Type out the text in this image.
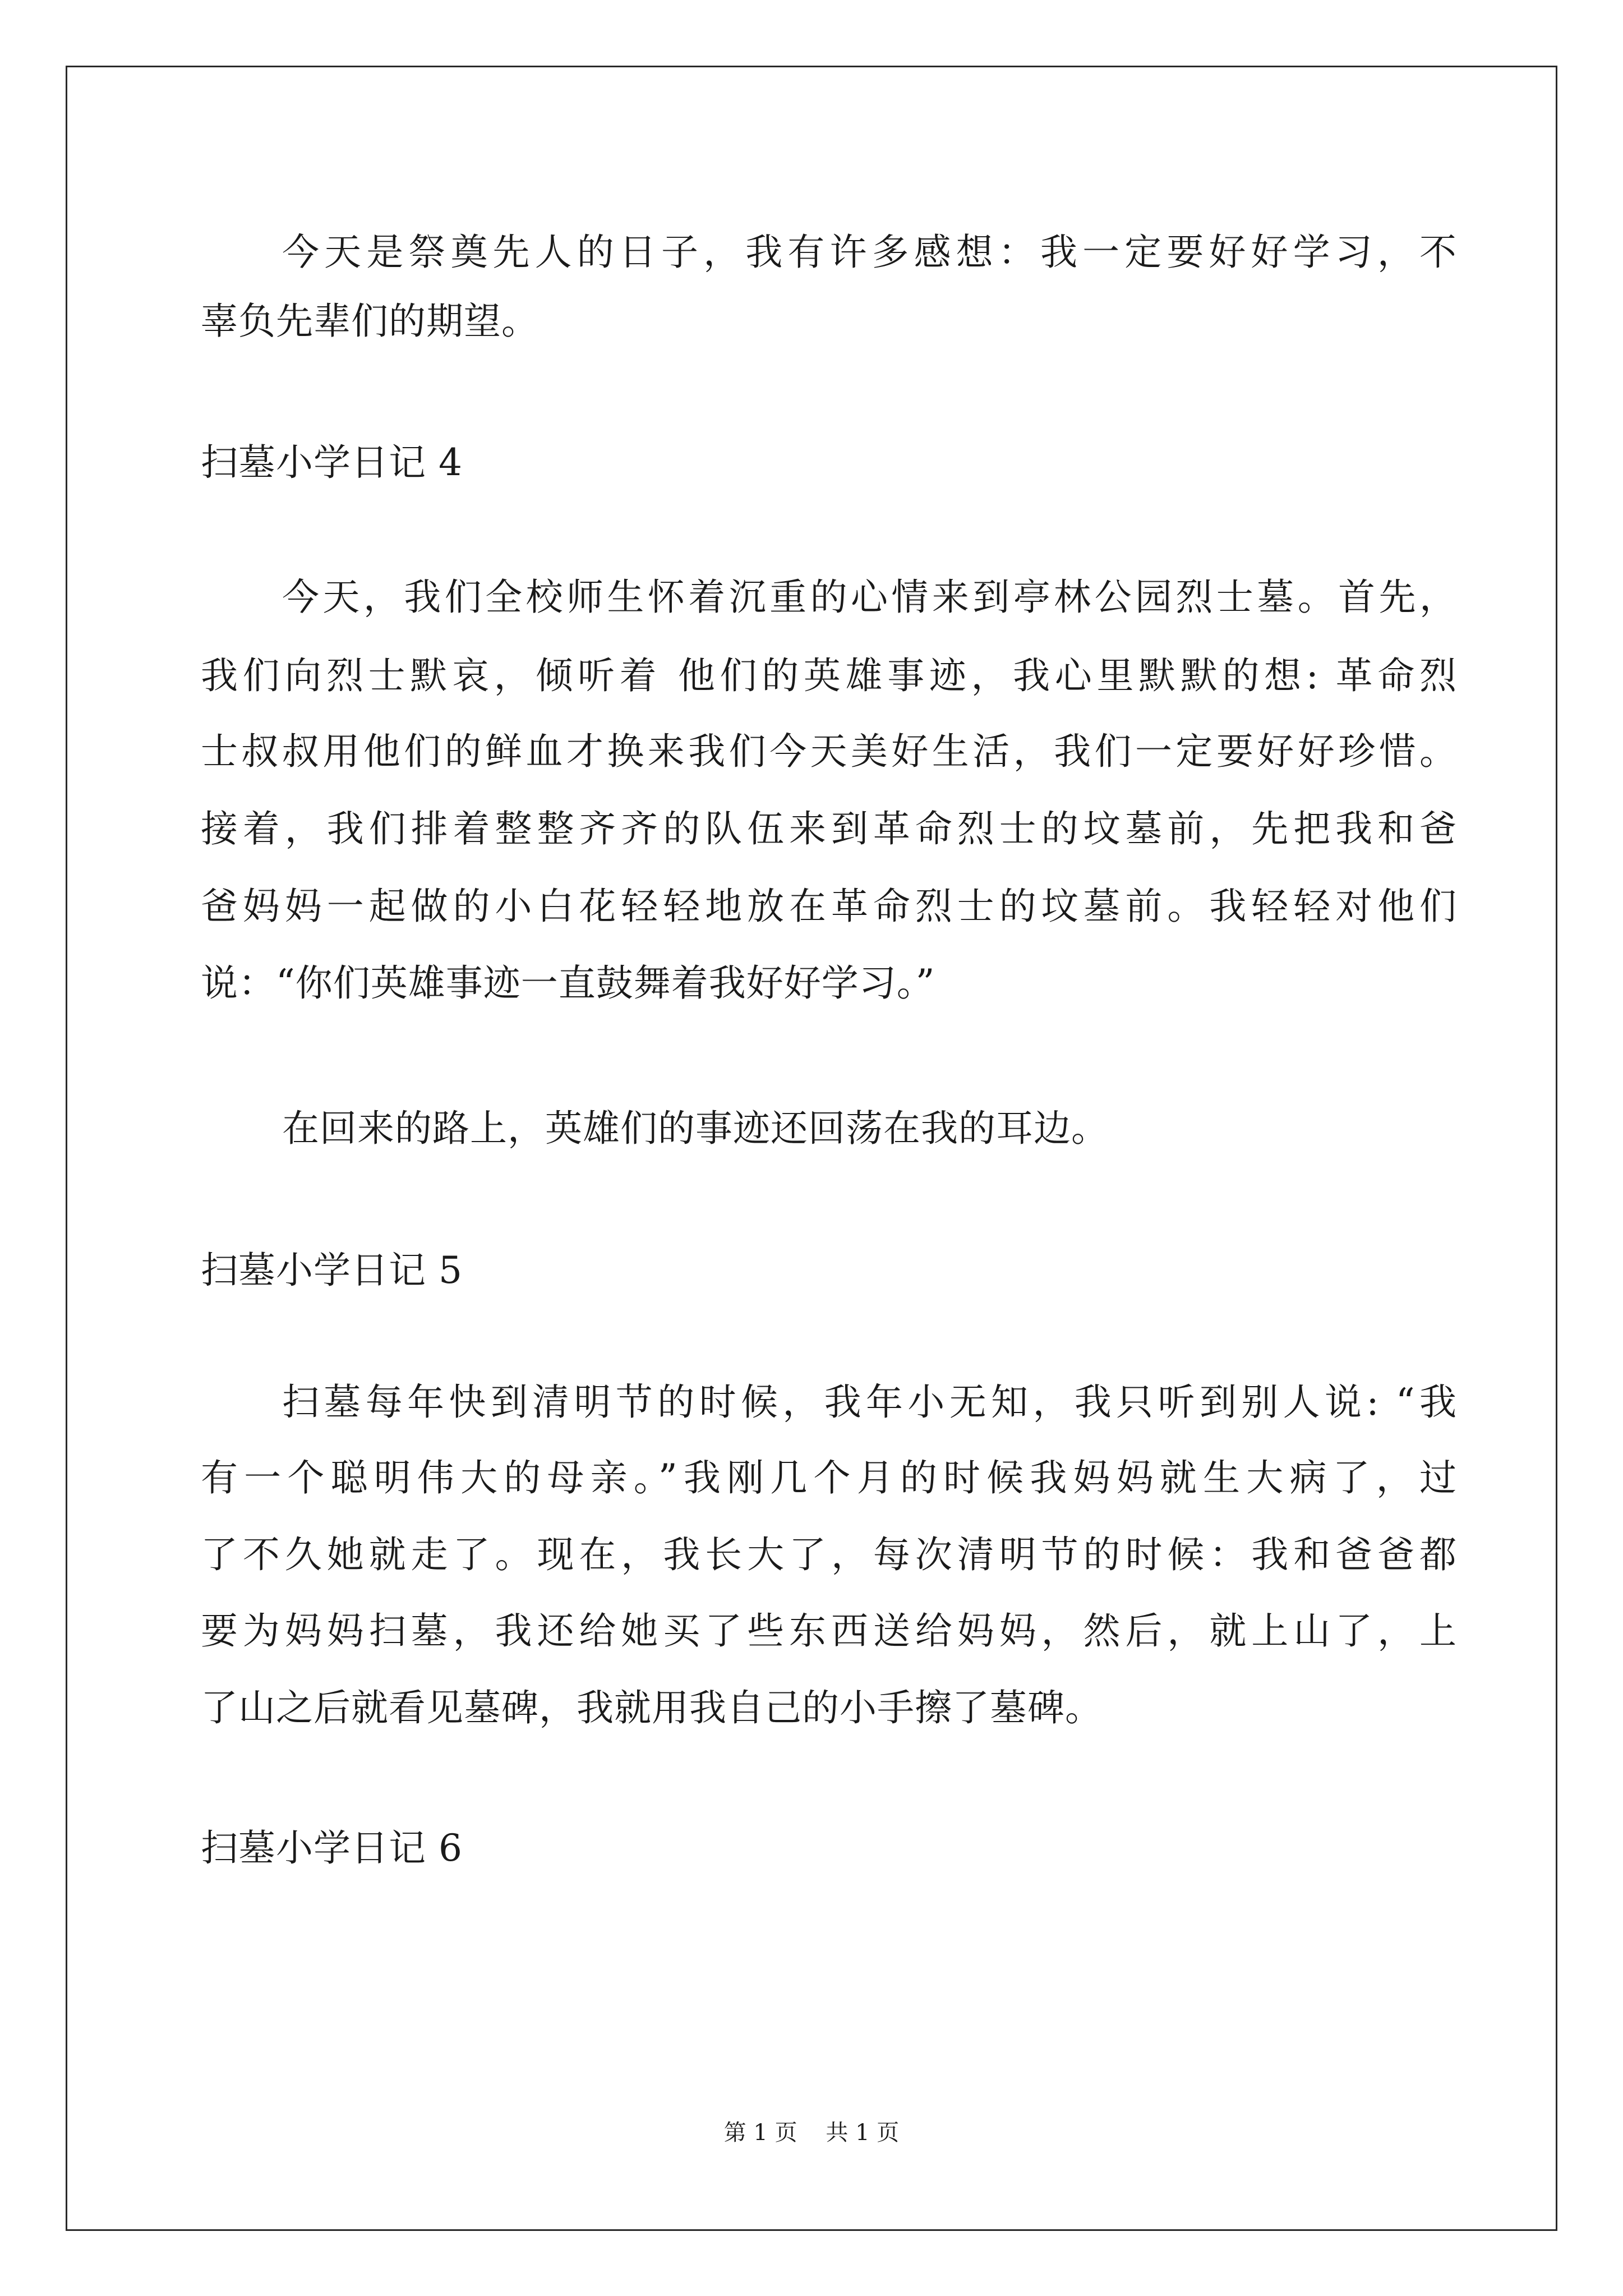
今天是祭奠先人的日子，我有许多感想：我一定要好好学习，不
辜负先辈们的期望。
扫墓小学日记 4
今天，我们全校师生怀着沉重的心情来到亭林公园烈士墓。首先，
我们向烈士默哀，倾听着 他们的英雄事迹，我心里默默的想: 革命烈
士叔叔用他们的鲜血才换来我们今天美好生活，我们一定要好好珍惜。
接着，我们排着整整齐齐的队伍来到革命烈士的坟墓前，先把我和爸
爸妈妈一起做的小白花轻轻地放在革命烈士的坟墓前。我轻轻对他们
说：“你们英雄事迹一直鼓舞着我好好学习。”
在回来的路上，英雄们的事迹还回荡在我的耳边。
扫墓小学日记 5
扫墓每年快到清明节的时候，我年小无知，我只听到别人说: “我
有一个聪明伟大的母亲。”我刚几个月的时候我妈妈就生大病了，过
了不久她就走了。现在，我长大了，每次清明节的时候：我和爸爸都
要为妈妈扫墓，我还给她买了些东西送给妈妈，然后，就上山了，上
了山之后就看见墓碑，我就用我自己的小手擦了墓碑。
扫墓小学日记 6
第 1 页    共 1 页
